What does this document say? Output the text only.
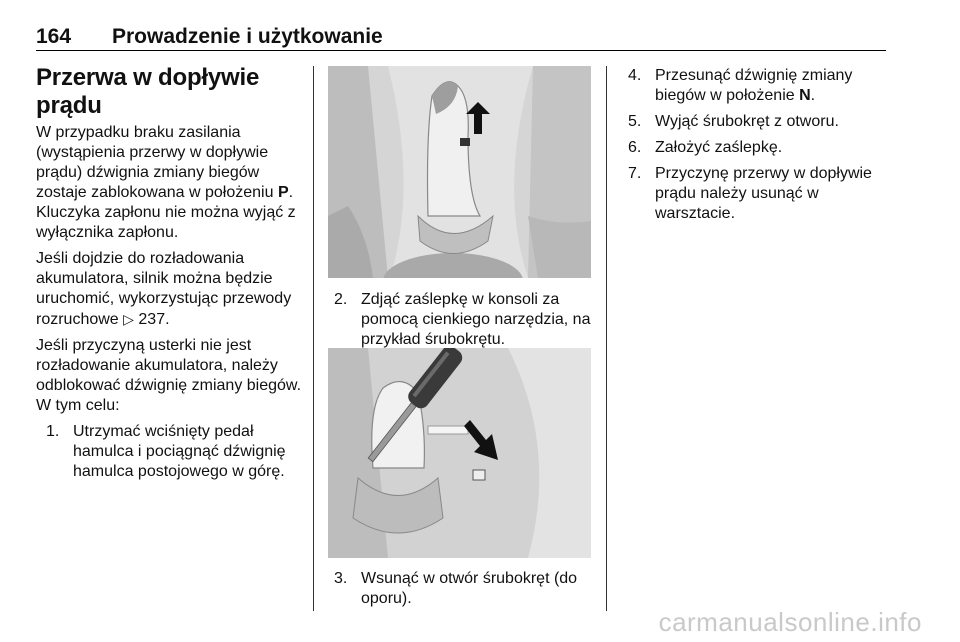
164 Prowadzenie i użytkowanie
Przerwa w dopływie prądu

W przypadku braku zasilania (wystąpienia przerwy w dopływie prądu) dźwignia zmiany biegów zostaje zablokowana w położeniu P. Kluczyka zapłonu nie można wyjąć z wyłącznika zapłonu.

Jeśli dojdzie do rozładowania akumulatora, silnik można będzie uruchomić, wykorzystując przewody rozruchowe ▷ 237.

Jeśli przyczyną usterki nie jest rozładowanie akumulatora, należy odblokować dźwignię zmiany biegów. W tym celu:

1. Utrzymać wciśnięty pedał hamulca i pociągnąć dźwignię hamulca postojowego w górę.
2. Zdjąć zaślepkę w konsoli za pomocą cienkiego narzędzia, na przykład śrubokrętu.
3. Wsunąć w otwór śrubokręt (do oporu).
4. Przesunąć dźwignię zmiany biegów w położenie N.
5. Wyjąć śrubokręt z otworu.
6. Założyć zaślepkę.
7. Przyczynę przerwy w dopływie prądu należy usunąć w warsztacie.
carmanualsonline.info
